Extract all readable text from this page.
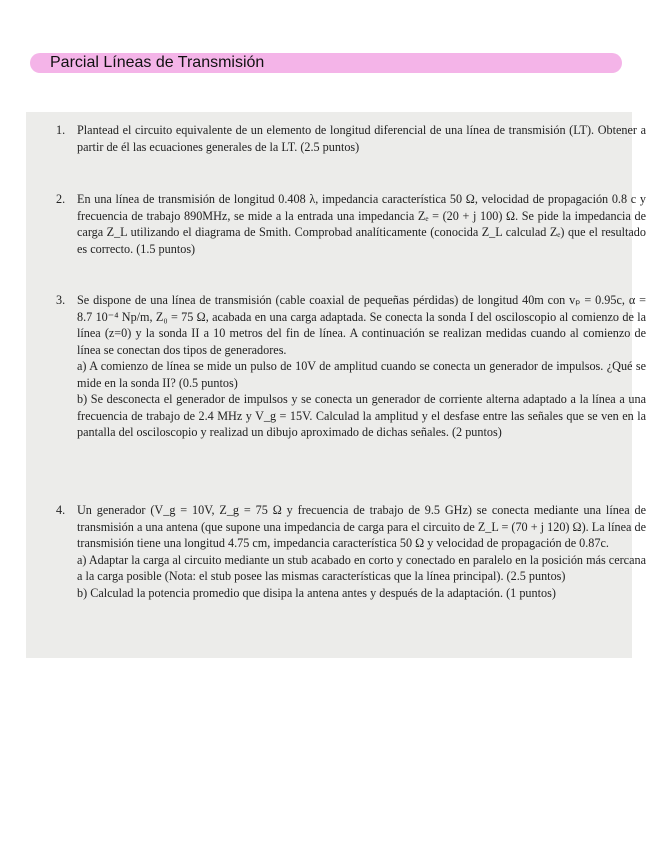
Parcial Líneas de Transmisión
1. Plantead el circuito equivalente de un elemento de longitud diferencial de una línea de transmisión (LT). Obtener a partir de él las ecuaciones generales de la LT. (2.5 puntos)
2. En una línea de transmisión de longitud 0.408 λ, impedancia característica 50 Ω, velocidad de propagación 0.8 c y frecuencia de trabajo 890MHz, se mide a la entrada una impedancia Zₑ = (20 + j 100) Ω. Se pide la impedancia de carga Z_L utilizando el diagrama de Smith. Comprobad analíticamente (conocida Z_L calculad Zₑ) que el resultado es correcto. (1.5 puntos)
3. Se dispone de una línea de transmisión (cable coaxial de pequeñas pérdidas) de longitud 40m con vₚ = 0.95c, α = 8.7 10⁻⁴ Np/m, Z₀ = 75 Ω, acabada en una carga adaptada. Se conecta la sonda I del osciloscopio al comienzo de la línea (z=0) y la sonda II a 10 metros del fin de línea. A continuación se realizan medidas cuando al comienzo de línea se conectan dos tipos de generadores.
a) A comienzo de línea se mide un pulso de 10V de amplitud cuando se conecta un generador de impulsos. ¿Qué se mide en la sonda II? (0.5 puntos)
b) Se desconecta el generador de impulsos y se conecta un generador de corriente alterna adaptado a la línea a una frecuencia de trabajo de 2.4 MHz y V_g = 15V. Calculad la amplitud y el desfase entre las señales que se ven en la pantalla del osciloscopio y realizad un dibujo aproximado de dichas señales. (2 puntos)
4. Un generador (V_g = 10V, Z_g = 75 Ω y frecuencia de trabajo de 9.5 GHz) se conecta mediante una línea de transmisión a una antena (que supone una impedancia de carga para el circuito de Z_L = (70 + j 120) Ω). La línea de transmisión tiene una longitud 4.75 cm, impedancia característica 50 Ω y velocidad de propagación de 0.87c.
a) Adaptar la carga al circuito mediante un stub acabado en corto y conectado en paralelo en la posición más cercana a la carga posible (Nota: el stub posee las mismas características que la línea principal). (2.5 puntos)
b) Calculad la potencia promedio que disipa la antena antes y después de la adaptación. (1 puntos)
